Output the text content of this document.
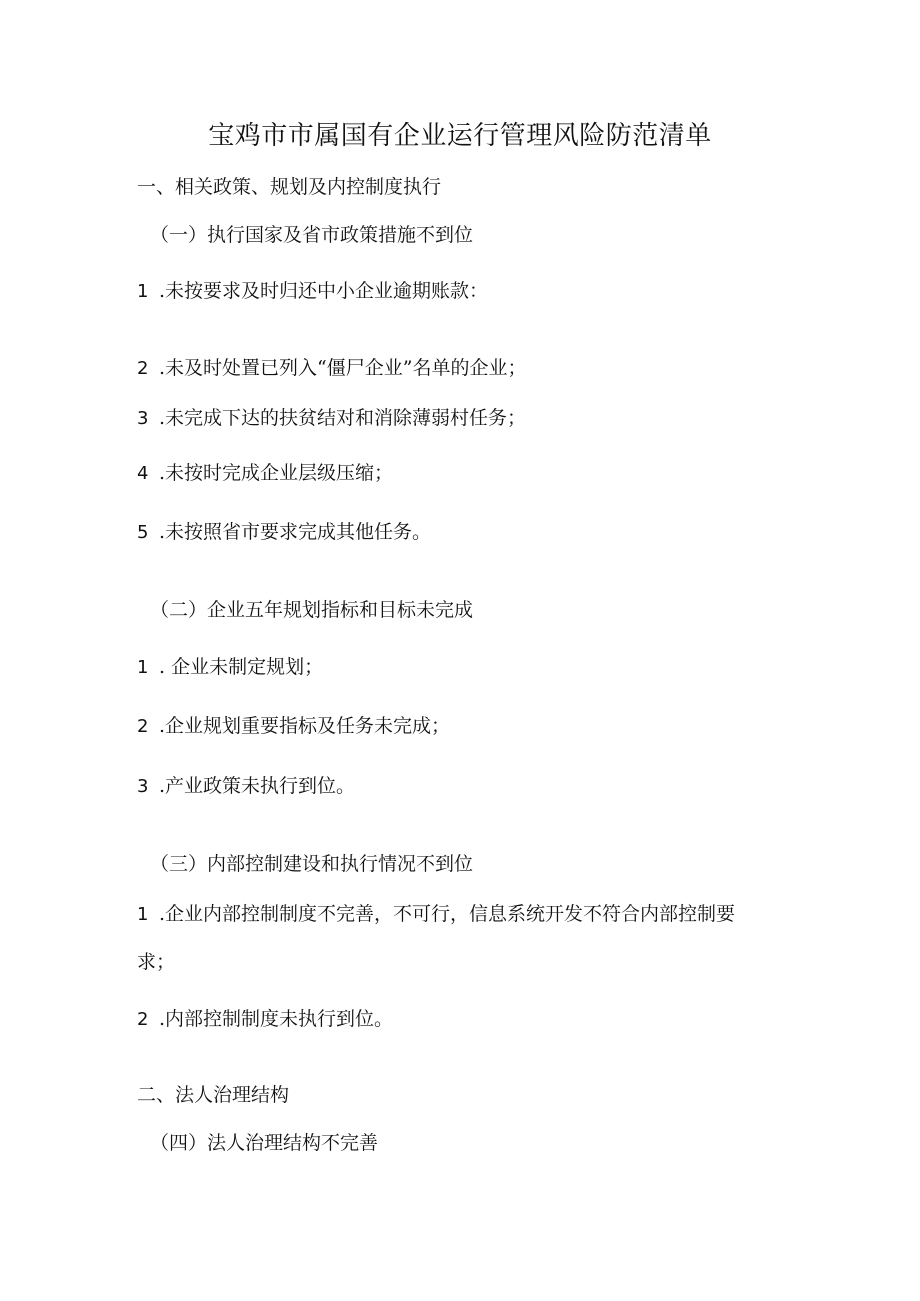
宝鸡市市属国有企业运行管理风险防范清单
一、相关政策、规划及内控制度执行
（一）执行国家及省市政策措施不到位
1 .未按要求及时归还中小企业逾期账款：
2 .未及时处置已列入“僵尸企业”名单的企业；
3 .未完成下达的扶贫结对和消除薄弱村任务；
4 .未按时完成企业层级压缩；
5 .未按照省市要求完成其他任务。
（二）企业五年规划指标和目标未完成
1 . 企业未制定规划；
2 .企业规划重要指标及任务未完成；
3 .产业政策未执行到位。
（三）内部控制建设和执行情况不到位
1 .企业内部控制制度不完善，不可行，信息系统开发不符合内部控制要
求；
2 .内部控制制度未执行到位。
二、法人治理结构
（四）法人治理结构不完善
